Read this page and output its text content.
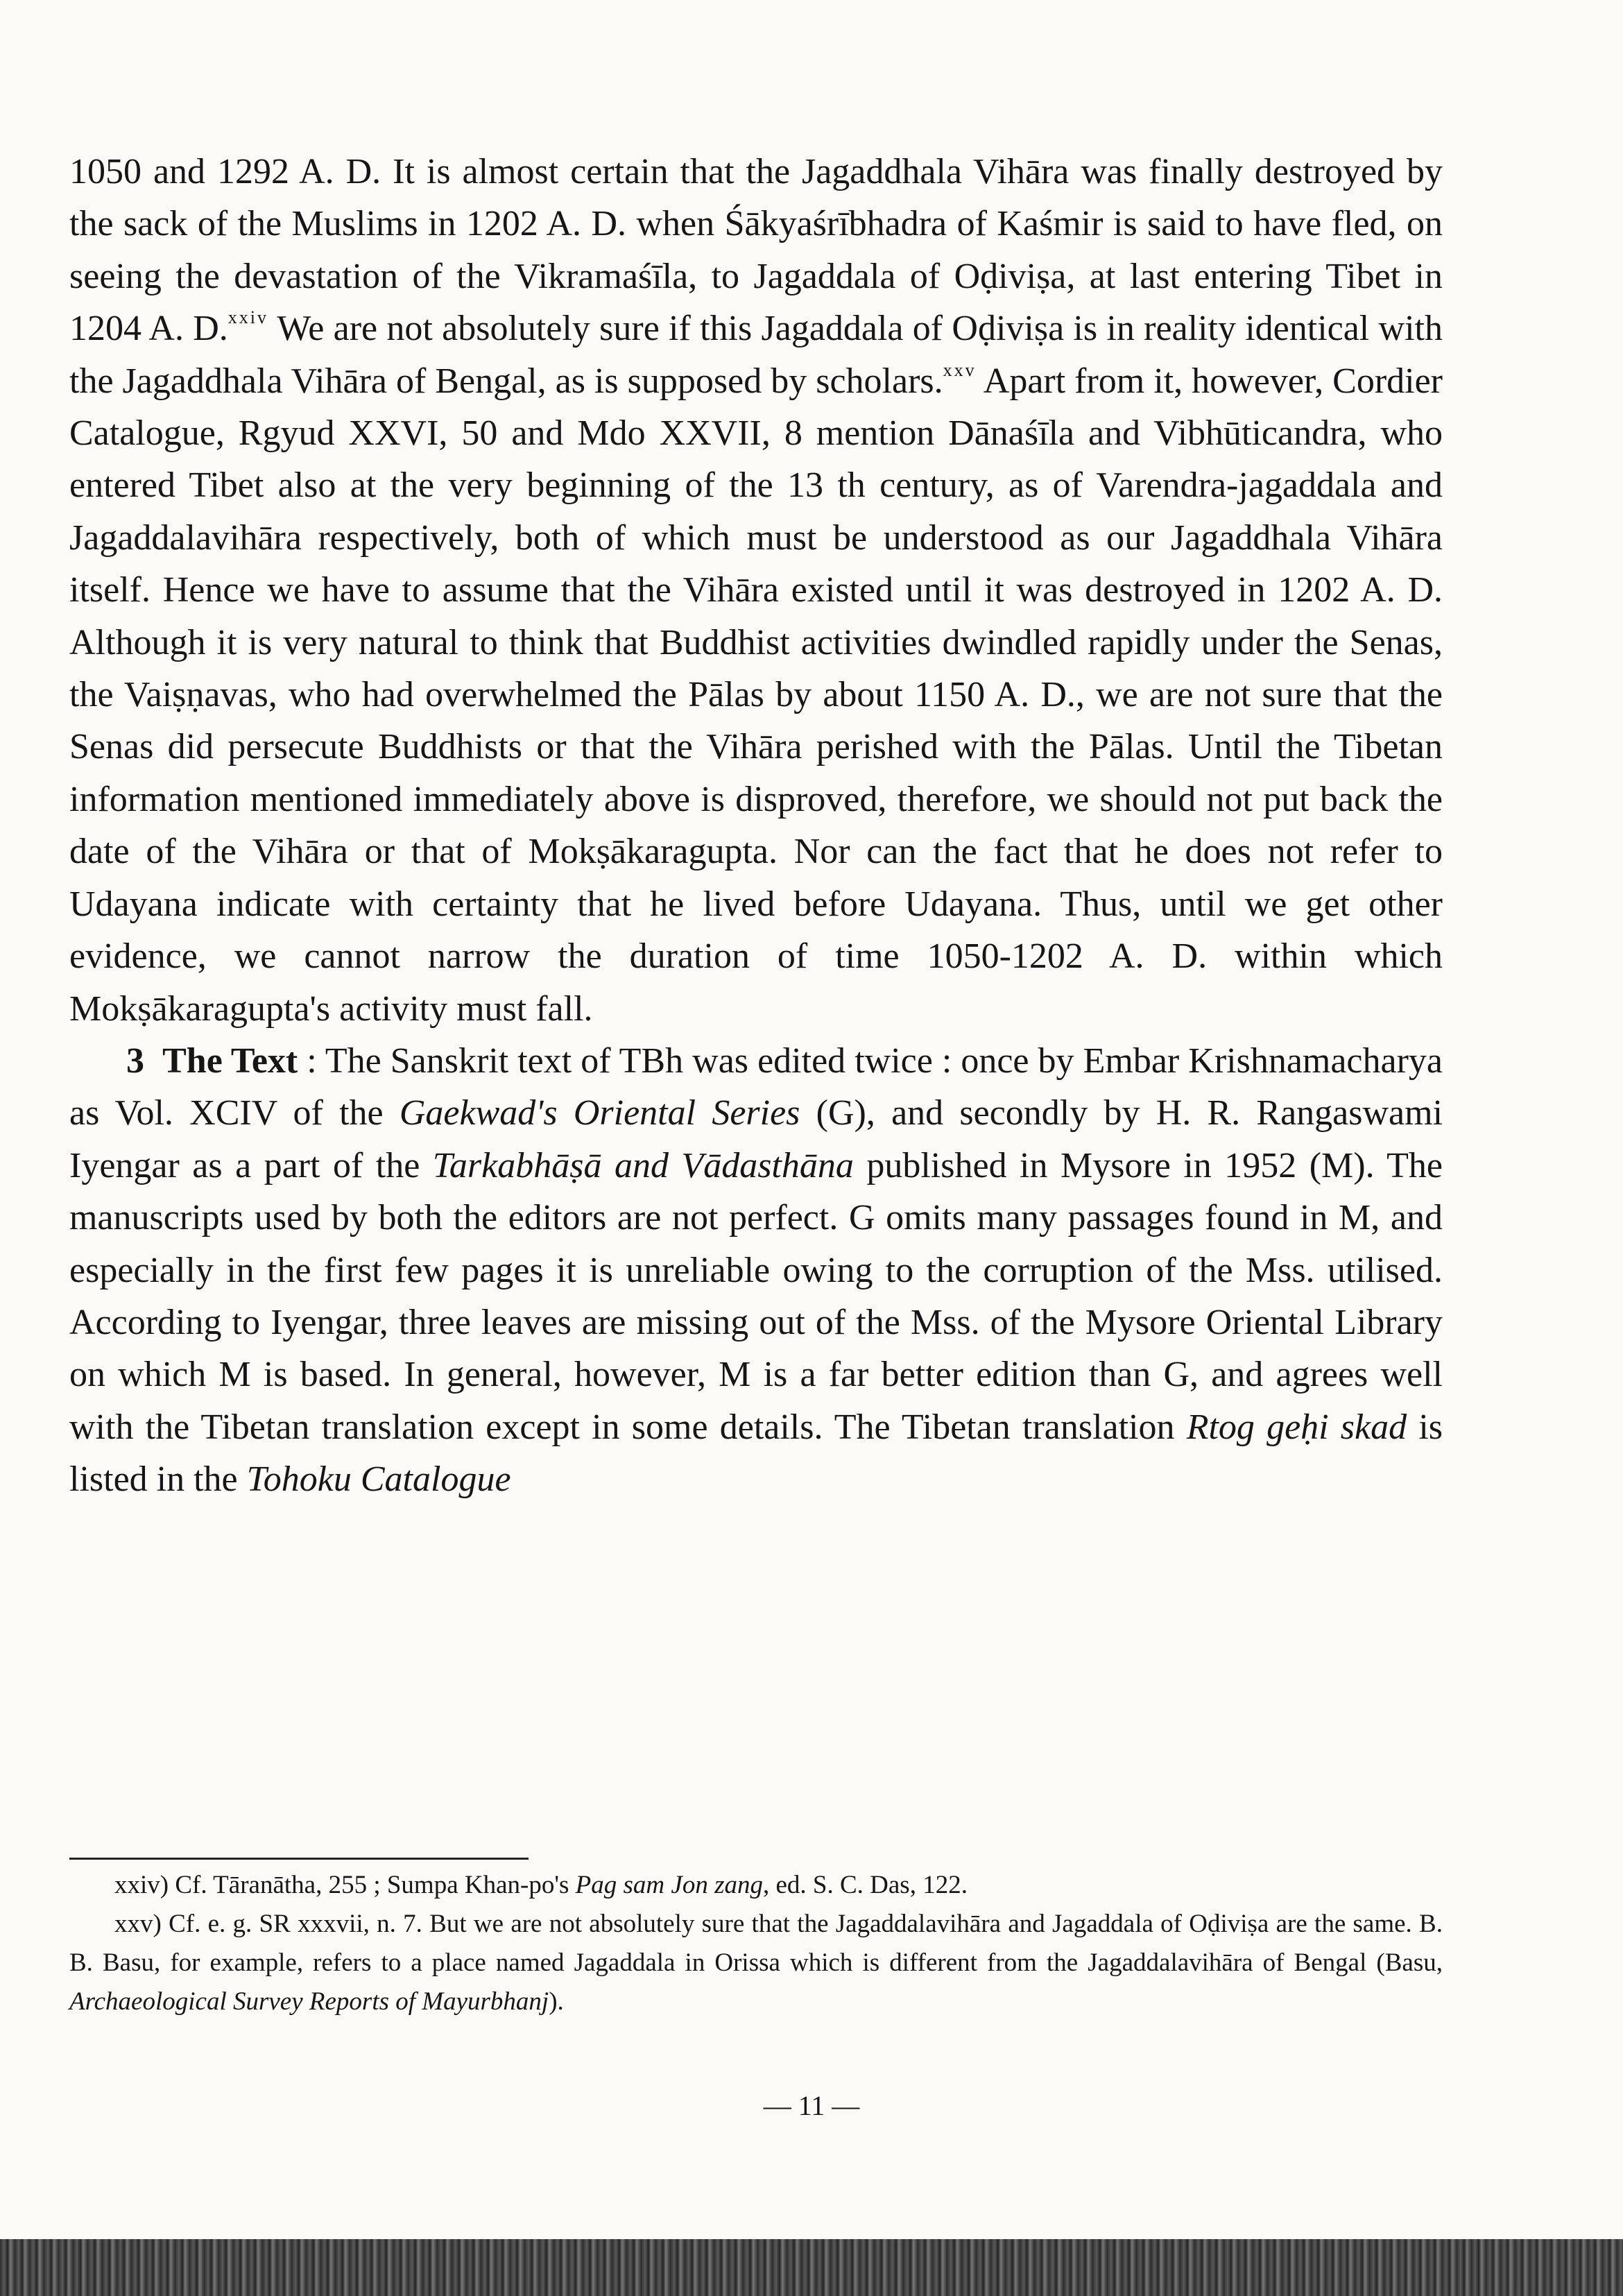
1050 and 1292 A. D. It is almost certain that the Jagaddhala Vihāra was finally destroyed by the sack of the Muslims in 1202 A. D. when Śākyaśrībhadra of Kaśmir is said to have fled, on seeing the devastation of the Vikramaśīla, to Jagaddala of Oḍiviṣa, at last entering Tibet in 1204 A. D.$^{xxiv}$ We are not absolutely sure if this Jagaddala of Oḍiviṣa is in reality identical with the Jagaddhala Vihāra of Bengal, as is supposed by scholars.$^{xxv}$ Apart from it, however, Cordier Catalogue, Rgyud XXVI, 50 and Mdo XXVII, 8 mention Dānaśīla and Vibhūticandra, who entered Tibet also at the very beginning of the 13 th century, as of Varendra-jagaddala and Jagaddalavihāra respectively, both of which must be understood as our Jagaddhala Vihāra itself. Hence we have to assume that the Vihāra existed until it was destroyed in 1202 A. D. Although it is very natural to think that Buddhist activities dwindled rapidly under the Senas, the Vaiṣṇavas, who had overwhelmed the Pālas by about 1150 A. D., we are not sure that the Senas did persecute Buddhists or that the Vihāra perished with the Pālas. Until the Tibetan information mentioned immediately above is disproved, therefore, we should not put back the date of the Vihāra or that of Mokṣākaragupta. Nor can the fact that he does not refer to Udayana indicate with certainty that he lived before Udayana. Thus, until we get other evidence, we cannot narrow the duration of time 1050-1202 A. D. within which Mokṣākaragupta's activity must fall.

3 The Text : The Sanskrit text of TBh was edited twice : once by Embar Krishnamacharya as Vol. XCIV of the Gaekwad's Oriental Series (G), and secondly by H. R. Rangaswami Iyengar as a part of the Tarkabhāṣā and Vādasthāna published in Mysore in 1952 (M). The manuscripts used by both the editors are not perfect. G omits many passages found in M, and especially in the first few pages it is unreliable owing to the corruption of the Mss. utilised. According to Iyengar, three leaves are missing out of the Mss. of the Mysore Oriental Library on which M is based. In general, however, M is a far better edition than G, and agrees well with the Tibetan translation except in some details. The Tibetan translation Rtog geḥi skad is listed in the Tohoku Catalogue

xxiv) Cf. Tāranātha, 255 ; Sumpa Khan-po's Pag sam Jon zang, ed. S. C. Das, 122.

xxv) Cf. e. g. SR xxxvii, n. 7. But we are not absolutely sure that the Jagaddalavihāra and Jagaddala of Oḍiviṣa are the same. B. B. Basu, for example, refers to a place named Jagaddala in Orissa which is different from the Jagaddalavihāra of Bengal (Basu, Archaeological Survey Reports of Mayurbhanj).

— 11 —
